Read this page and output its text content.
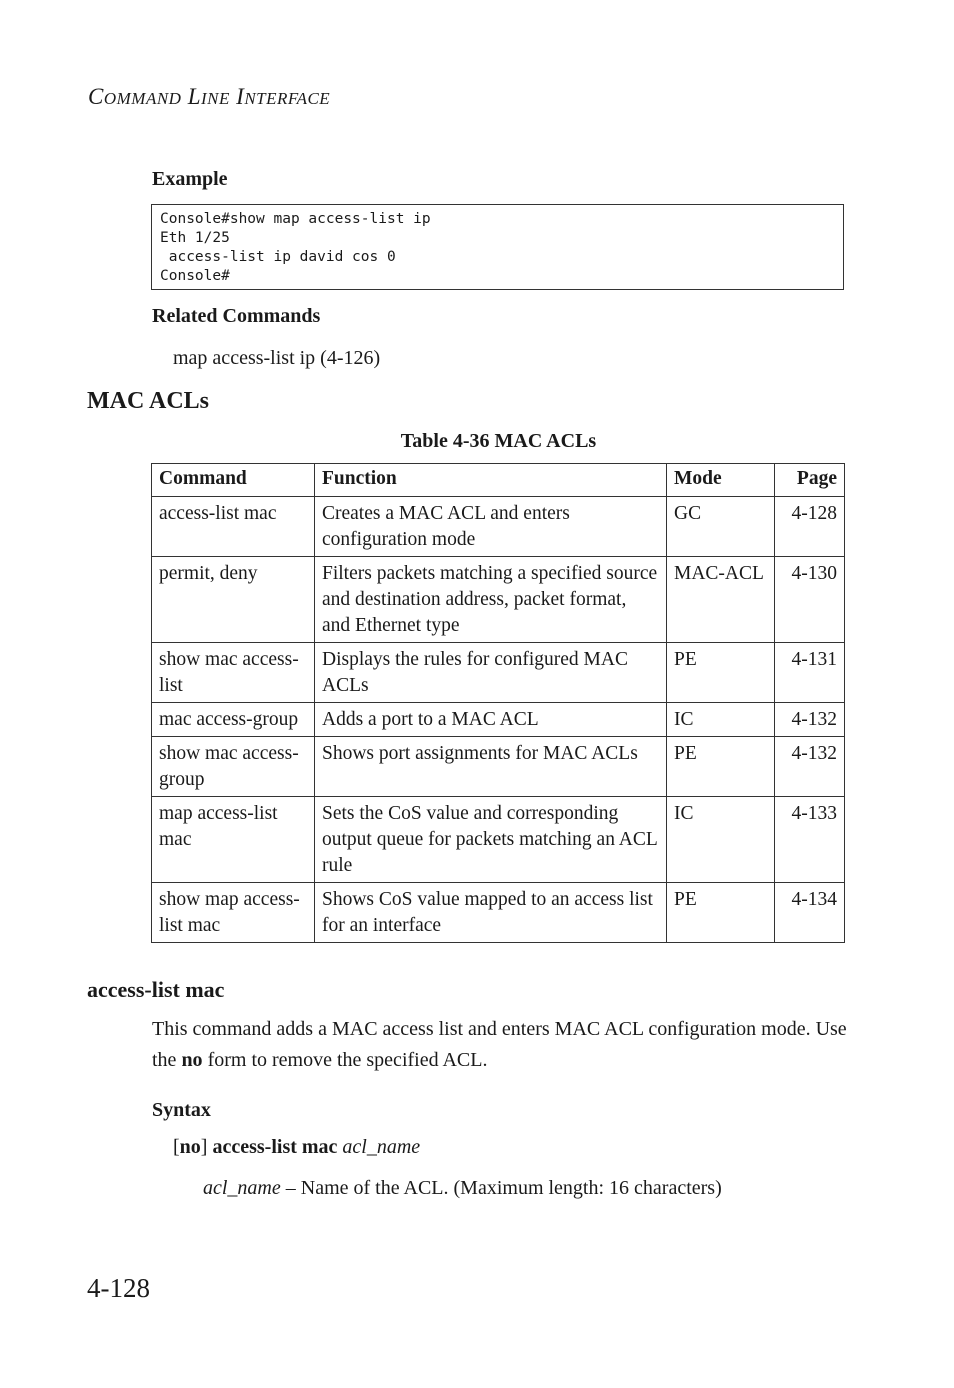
COMMAND LINE INTERFACE
Example
Console#show map access-list ip
Eth 1/25
access-list ip david cos 0
Console#
Related Commands
map access-list ip (4-126)
MAC ACLs
Table 4-36 MAC ACLs
Command	Function	Mode	Page
access-list mac	Creates a MAC ACL and enters configuration mode	GC	4-128
permit, deny	Filters packets matching a specified source and destination address, packet format, and Ethernet type	MAC-ACL	4-130
show mac access-list	Displays the rules for configured MAC ACLs	PE	4-131
mac access-group	Adds a port to a MAC ACL	IC	4-132
show mac access-group	Shows port assignments for MAC ACLs	PE	4-132
map access-list mac	Sets the CoS value and corresponding output queue for packets matching an ACL rule	IC	4-133
show map access-list mac	Shows CoS value mapped to an access list for an interface	PE	4-134
access-list mac
This command adds a MAC access list and enters MAC ACL configuration mode. Use the no form to remove the specified ACL.
Syntax
[no] access-list mac acl_name
acl_name – Name of the ACL. (Maximum length: 16 characters)
4-128
